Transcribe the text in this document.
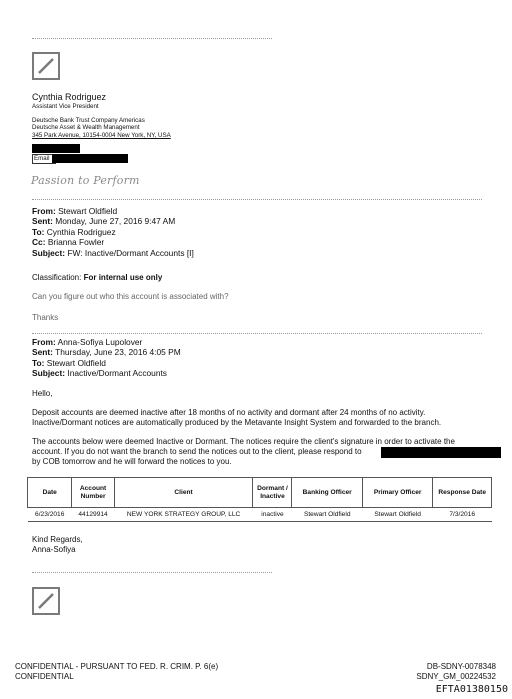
Cynthia Rodriguez
Assistant Vice President
Deutsche Bank Trust Company Americas
Deutsche Asset & Wealth Management
345 Park Avenue, 10154-0004 New York, NY, USA
Email
Passion to Perform
From: Stewart Oldfield
Sent: Monday, June 27, 2016 9:47 AM
To: Cynthia Rodriguez
Cc: Brianna Fowler
Subject: FW: Inactive/Dormant Accounts [I]
Classification: For internal use only
Can you figure out who this account is associated with?
Thanks
From: Anna-Sofiya Lupolover
Sent: Thursday, June 23, 2016 4:05 PM
To: Stewart Oldfield
Subject: Inactive/Dormant Accounts
Hello,
Deposit accounts are deemed inactive after 18 months of no activity and dormant after 24 months of no activity.
Inactive/Dormant notices are automatically produced by the Metavante Insight System and forwarded to the branch.
The accounts below were deemed Inactive or Dormant. The notices require the client's signature in order to activate the
account. If you do not want the branch to send the notices out to the client, please respond to
by COB tomorrow and he will forward the notices to you.
Date	Account Number	Client	Dormant / Inactive	Banking Officer	Primary Officer	Response Date
6/23/2016	44129914	NEW YORK STRATEGY GROUP, LLC	inactive	Stewart Oldfield	Stewart Oldfield	7/3/2016
Kind Regards,
Anna-Sofiya
CONFIDENTIAL - PURSUANT TO FED. R. CRIM. P. 6(e)
CONFIDENTIAL
DB-SDNY-0078348
SDNY_GM_00224532
EFTA01380150
